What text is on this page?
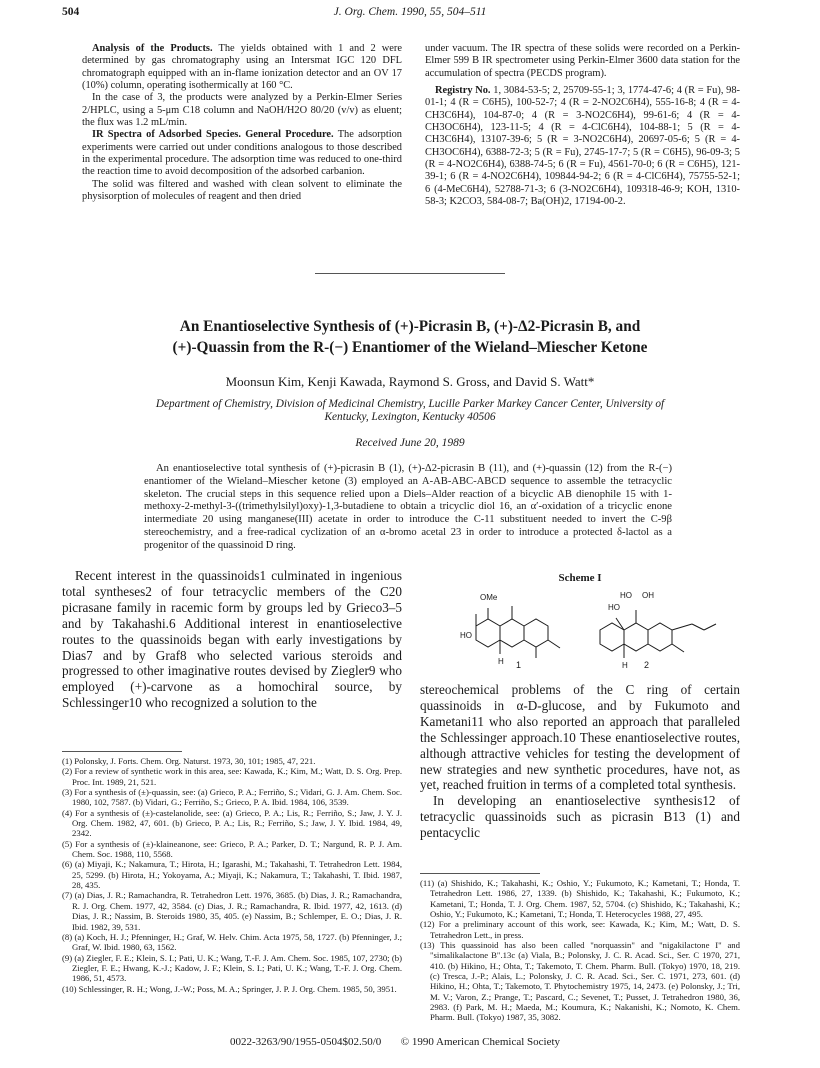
504	J. Org. Chem. 1990, 55, 504–511

Analysis of the Products. The yields obtained with 1 and 2 were determined by gas chromatography using an Intersmat IGC 120 DFL chromatograph equipped with an in-flame ionization detector and an OV 17 (10%) column, operating isothermically at 160 °C.

In the case of 3, the products were analyzed by a Perkin-Elmer Series 2/HPLC, using a 5-μm C18 column and NaOH/H2O 80/20 (v/v) as eluent; the flux was 1.2 mL/min.

IR Spectra of Adsorbed Species. General Procedure. The adsorption experiments were carried out under conditions analogous to those described in the experimental procedure. The adsorption time was reduced to one-third the reaction time to avoid decomposition of the adsorbed carbanion.

The solid was filtered and washed with clean solvent to eliminate the physisorption of molecules of reagent and then dried

under vacuum. The IR spectra of these solids were recorded on a Perkin-Elmer 599 B IR spectrometer using Perkin-Elmer 3600 data station for the accumulation of spectra (PECDS program).

Registry No. 1, 3084-53-5; 2, 25709-55-1; 3, 1774-47-6; 4 (R = Fu), 98-01-1; 4 (R = C6H5), 100-52-7; 4 (R = 2-NO2C6H4), 555-16-8; 4 (R = 4-CH3C6H4), 104-87-0; 4 (R = 3-NO2C6H4), 99-61-6; 4 (R = 4-CH3OC6H4), 123-11-5; 4 (R = 4-ClC6H4), 104-88-1; 5 (R = 4-CH3C6H4), 13107-39-6; 5 (R = 3-NO2C6H4), 20697-05-6; 5 (R = 4-CH3OC6H4), 6388-72-3; 5 (R = Fu), 2745-17-7; 5 (R = C6H5), 96-09-3; 5 (R = 4-NO2C6H4), 6388-74-5; 6 (R = Fu), 4561-70-0; 6 (R = C6H5), 121-39-1; 6 (R = 4-NO2C6H4), 109844-94-2; 6 (R = 4-ClC6H4), 75755-52-1; 6 (4-MeC6H4), 52788-71-3; 6 (3-NO2C6H4), 109318-46-9; KOH, 1310-58-3; K2CO3, 584-08-7; Ba(OH)2, 17194-00-2.

An Enantioselective Synthesis of (+)-Picrasin B, (+)-Δ2-Picrasin B, and
(+)-Quassin from the R-(−) Enantiomer of the Wieland–Miescher Ketone
Moonsun Kim, Kenji Kawada, Raymond S. Gross, and David S. Watt*
Department of Chemistry, Division of Medicinal Chemistry, Lucille Parker Markey Cancer Center, University of
Kentucky, Lexington, Kentucky 40506
Received June 20, 1989

An enantioselective total synthesis of (+)-picrasin B (1), (+)-Δ2-picrasin B (11), and (+)-quassin (12) from the R-(−) enantiomer of the Wieland–Miescher ketone (3) employed an A-AB-ABC-ABCD sequence to assemble the tetracyclic skeleton. The crucial steps in this sequence relied upon a Diels–Alder reaction of a bicyclic AB dienophile 15 with 1-methoxy-2-methyl-3-((trimethylsilyl)oxy)-1,3-butadiene to obtain a tricyclic diol 16, an α′-oxidation of a tricyclic enone intermediate 20 using manganese(III) acetate in order to introduce the C-11 substituent needed to invert the C-9β stereochemistry, and a free-radical cyclization of an α-bromo acetal 23 in order to introduce a protected δ-lactol as a progenitor of the quassinoid D ring.

Recent interest in the quassinoids1 culminated in ingenious total syntheses2 of four tetracyclic members of the C20 picrasane family in racemic form by groups led by Grieco3–5 and by Takahashi.6 Additional interest in enantioselective routes to the quassinoids began with early investigations by Dias7 and by Graf8 who selected various steroids and progressed to other imaginative routes devised by Ziegler9 who employed (+)-carvone as a homochiral source, by Schlessinger10 who recognized a solution to the

(1) Polonsky, J. Forts. Chem. Org. Naturst. 1973, 30, 101; 1985, 47, 221.

(2) For a review of synthetic work in this area, see: Kawada, K.; Kim, M.; Watt, D. S. Org. Prep. Proc. Int. 1989, 21, 521.

(3) For a synthesis of (±)-quassin, see: (a) Grieco, P. A.; Ferriño, S.; Vidari, G. J. Am. Chem. Soc. 1980, 102, 7587. (b) Vidari, G.; Ferriño, S.; Grieco, P. A. Ibid. 1984, 106, 3539.

(4) For a synthesis of (±)-castelanolide, see: (a) Grieco, P. A.; Lis, R.; Ferriño, S.; Jaw, J. Y. J. Org. Chem. 1982, 47, 601. (b) Grieco, P. A.; Lis, R.; Ferriño, S.; Jaw, J. Y. Ibid. 1984, 49, 2342.

(5) For a synthesis of (±)-klaineanone, see: Grieco, P. A.; Parker, D. T.; Nargund, R. P. J. Am. Chem. Soc. 1988, 110, 5568.

(6) (a) Miyaji, K.; Nakamura, T.; Hirota, H.; Igarashi, M.; Takahashi, T. Tetrahedron Lett. 1984, 25, 5299. (b) Hirota, H.; Yokoyama, A.; Miyaji, K.; Nakamura, T.; Takahashi, T. Ibid. 1987, 28, 435.

(7) (a) Dias, J. R.; Ramachandra, R. Tetrahedron Lett. 1976, 3685. (b) Dias, J. R.; Ramachandra, R. J. Org. Chem. 1977, 42, 3584. (c) Dias, J. R.; Ramachandra, R. Ibid. 1977, 42, 1613. (d) Dias, J. R.; Nassim, B. Steroids 1980, 35, 405. (e) Nassim, B.; Schlemper, E. O.; Dias, J. R. Ibid. 1982, 39, 531.

(8) (a) Koch, H. J.; Pfenninger, H.; Graf, W. Helv. Chim. Acta 1975, 58, 1727. (b) Pfenninger, J.; Graf, W. Ibid. 1980, 63, 1562.

(9) (a) Ziegler, F. E.; Klein, S. I.; Pati, U. K.; Wang, T.-F. J. Am. Chem. Soc. 1985, 107, 2730; (b) Ziegler, F. E.; Hwang, K.-J.; Kadow, J. F.; Klein, S. I.; Pati, U. K.; Wang, T.-F. J. Org. Chem. 1986, 51, 4573.

(10) Schlessinger, R. H.; Wong, J.-W.; Poss, M. A.; Springer, J. P. J. Org. Chem. 1985, 50, 3951.

Scheme I
OMe
HO
H 1
HO OH
HO
H 2

stereochemical problems of the C ring of certain quassinoids in α-D-glucose, and by Fukumoto and Kametani11 who also reported an approach that paralleled the Schlessinger approach.10 These enantioselective routes, although attractive vehicles for testing the development of new strategies and new synthetic procedures, have not, as yet, reached fruition in terms of a completed total synthesis.

In developing an enantioselective synthesis12 of tetracyclic quassinoids such as picrasin B13 (1) and pentacyclic

(11) (a) Shishido, K.; Takahashi, K.; Oshio, Y.; Fukumoto, K.; Kametani, T.; Honda, T. Tetrahedron Lett. 1986, 27, 1339. (b) Shishido, K.; Takahashi, K.; Fukumoto, K.; Kametani, T.; Honda, T. J. Org. Chem. 1987, 52, 5704. (c) Shishido, K.; Takahashi, K.; Oshio, Y.; Fukumoto, K.; Kametani, T.; Honda, T. Heterocycles 1988, 27, 495.

(12) For a preliminary account of this work, see: Kawada, K.; Kim, M.; Watt, D. S. Tetrahedron Lett., in press.

(13) This quassinoid has also been called "norquassin" and "nigakilactone I" and "simalikalactone B".13c (a) Viala, B.; Polonsky, J. C. R. Acad. Sci., Ser. C 1970, 271, 410. (b) Hikino, H.; Ohta, T.; Takemoto, T. Chem. Pharm. Bull. (Tokyo) 1970, 18, 219. (c) Tresca, J.-P.; Alais, L.; Polonsky, J. C. R. Acad. Sci., Ser. C. 1971, 273, 601. (d) Hikino, H.; Ohta, T.; Takemoto, T. Phytochemistry 1975, 14, 2473. (e) Polonsky, J.; Tri, M. V.; Varon, Z.; Prange, T.; Pascard, C.; Sevenet, T.; Pusset, J. Tetrahedron 1980, 36, 2983. (f) Park, M. H.; Maeda, M.; Koumura, K.; Nakanishi, K.; Nomoto, K. Chem. Pharm. Bull. (Tokyo) 1987, 35, 3082.

0022-3263/90/1955-0504$02.50/0 © 1990 American Chemical Society
